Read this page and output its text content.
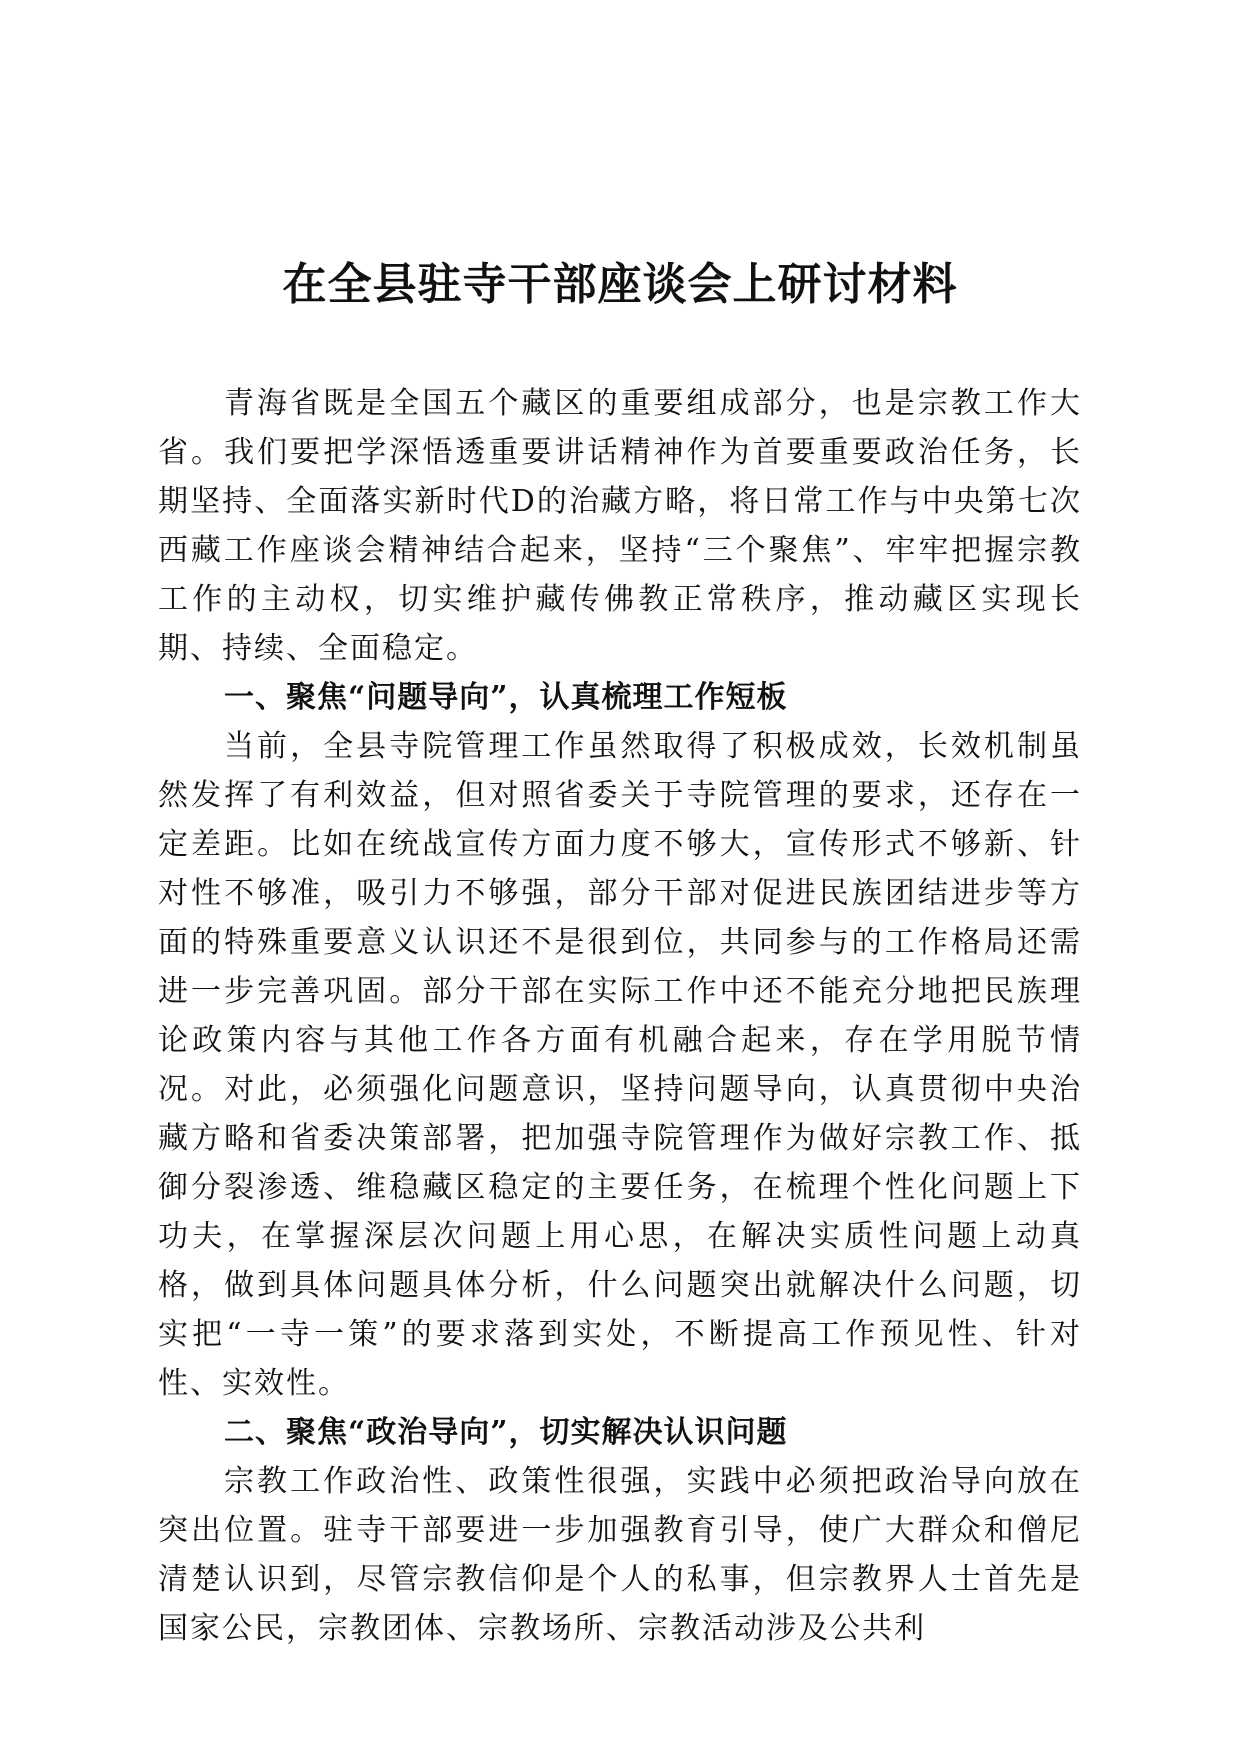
在全县驻寺干部座谈会上研讨材料

青海省既是全国五个藏区的重要组成部分，也是宗教工作大省。我们要把学深悟透重要讲话精神作为首要重要政治任务，长期坚持、全面落实新时代D的治藏方略，将日常工作与中央第七次西藏工作座谈会精神结合起来，坚持“三个聚焦”、牢牢把握宗教工作的主动权，切实维护藏传佛教正常秩序，推动藏区实现长期、持续、全面稳定。

一、聚焦“问题导向”，认真梳理工作短板

当前，全县寺院管理工作虽然取得了积极成效，长效机制虽然发挥了有利效益，但对照省委关于寺院管理的要求，还存在一定差距。比如在统战宣传方面力度不够大，宣传形式不够新、针对性不够准，吸引力不够强，部分干部对促进民族团结进步等方面的特殊重要意义认识还不是很到位，共同参与的工作格局还需进一步完善巩固。部分干部在实际工作中还不能充分地把民族理论政策内容与其他工作各方面有机融合起来，存在学用脱节情况。对此，必须强化问题意识，坚持问题导向，认真贯彻中央治藏方略和省委决策部署，把加强寺院管理作为做好宗教工作、抵御分裂渗透、维稳藏区稳定的主要任务，在梳理个性化问题上下功夫，在掌握深层次问题上用心思，在解决实质性问题上动真格，做到具体问题具体分析，什么问题突出就解决什么问题，切实把“一寺一策”的要求落到实处，不断提高工作预见性、针对性、实效性。

二、聚焦“政治导向”，切实解决认识问题

宗教工作政治性、政策性很强，实践中必须把政治导向放在突出位置。驻寺干部要进一步加强教育引导，使广大群众和僧尼清楚认识到，尽管宗教信仰是个人的私事，但宗教界人士首先是国家公民，宗教团体、宗教场所、宗教活动涉及公共利
